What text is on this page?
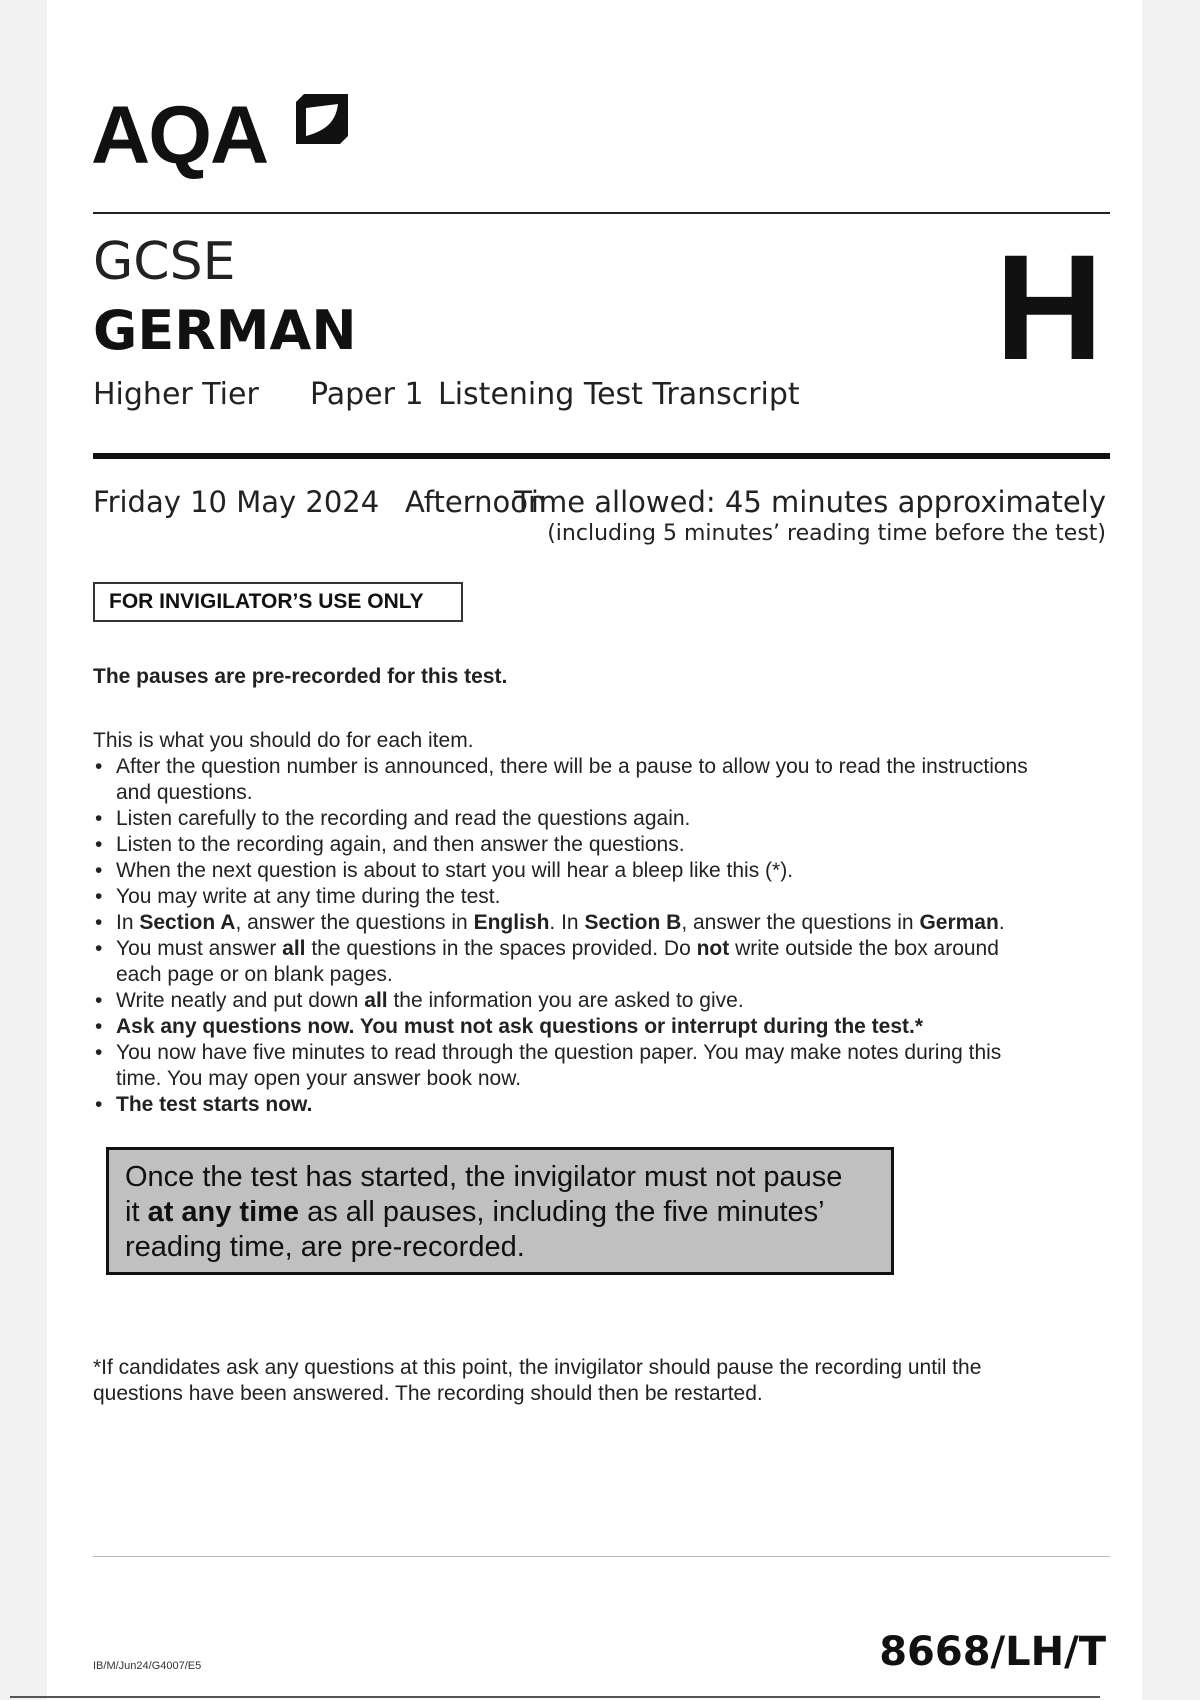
AQA
GCSE
GERMAN	H
Higher Tier Paper 1 Listening Test Transcript
Friday 10 May 2024 Afternoon
Time allowed: 45 minutes approximately
(including 5 minutes’ reading time before the test)
FOR INVIGILATOR’S USE ONLY
The pauses are pre-recorded for this test.
This is what you should do for each item.
• After the question number is announced, there will be a pause to allow you to read the instructions
and questions.
• Listen carefully to the recording and read the questions again.
• Listen to the recording again, and then answer the questions.
• When the next question is about to start you will hear a bleep like this (*).
• You may write at any time during the test.
• In Section A, answer the questions in English. In Section B, answer the questions in German.
• You must answer all the questions in the spaces provided. Do not write outside the box around
each page or on blank pages.
• Write neatly and put down all the information you are asked to give.
• Ask any questions now. You must not ask questions or interrupt during the test.*
• You now have five minutes to read through the question paper. You may make notes during this
time. You may open your answer book now.
• The test starts now.
Once the test has started, the invigilator must not pause
it at any time as all pauses, including the five minutes’
reading time, are pre-recorded.
*If candidates ask any questions at this point, the invigilator should pause the recording until the
questions have been answered. The recording should then be restarted.
IB/M/Jun24/G4007/E5	8668/LH/T
